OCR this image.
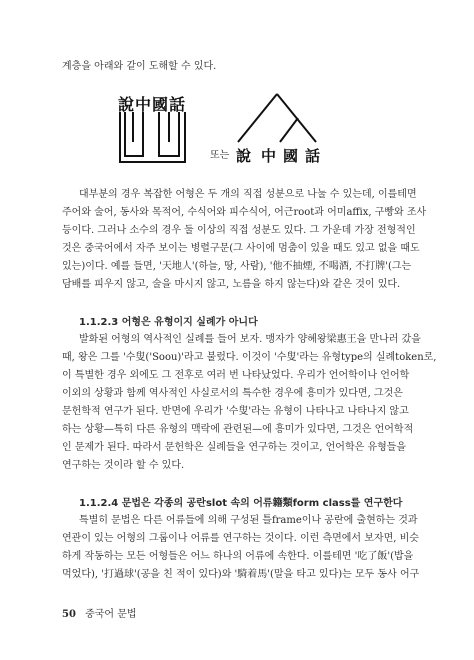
계층을 아래와 같이 도해할 수 있다.
說 中 國 話
또는 說 中 國 話
대부분의 경우 복잡한 어형은 두 개의 직접 성분으로 나눌 수 있는데, 이를테면
주어와 술어, 동사와 목적어, 수식어와 피수식어, 어근root과 어미affix, 구빵와 조사
등이다. 그러나 소수의 경우 둘 이상의 직접 성분도 있다. 그 가운데 가장 전형적인
것은 중국어에서 자주 보이는 병렬구문(그 사이에 멈춤이 있을 때도 있고 없을 때도
있는)이다. 예를 들면, '天地人'(하늘, 땅, 사람), '他不抽煙, 不喝酒, 不打牌'(그는
담배를 피우지 않고, 술을 마시지 않고, 노름을 하지 않는다)와 같은 것이 있다.
1.1.2.3 어형은 유형이지 실례가 아니다
발화된 어형의 역사적인 실례를 들어 보자. 맹자가 양혜왕梁惠王을 만나러 갔을
때, 왕은 그를 '수叟('Soou)'라고 불렀다. 이것이 '수叟'라는 유형type의 실례token로,
이 특별한 경우 외에도 그 전후로 여러 번 나타났었다. 우리가 언어학이나 언어학
이외의 상황과 함께 역사적인 사실로서의 특수한 경우에 흥미가 있다면, 그것은
문헌학적 연구가 된다. 반면에 우리가 '수叟'라는 유형이 나타나고 나타나지 않고
하는 상황—특히 다른 유형의 맥락에 관련된—에 흥미가 있다면, 그것은 언어학적
인 문제가 된다. 따라서 문헌학은 실례들을 연구하는 것이고, 언어학은 유형들을
연구하는 것이라 할 수 있다.
1.1.2.4 문법은 각종의 공란slot 속의 어류籍類form class를 연구한다
특별히 문법은 다른 어류들에 의해 구성된 틀frame이나 공란에 출현하는 것과
연관이 있는 어형의 그룹이나 어류를 연구하는 것이다. 이런 측면에서 보자면, 비슷
하게 작동하는 모든 어형들은 어느 하나의 어류에 속한다. 이를테면 '吃了飯'(밥을
먹었다), '打過球'(공을 친 적이 있다)와 '騎着馬'(말을 타고 있다)는 모두 동사 어구
50 중국어 문법
